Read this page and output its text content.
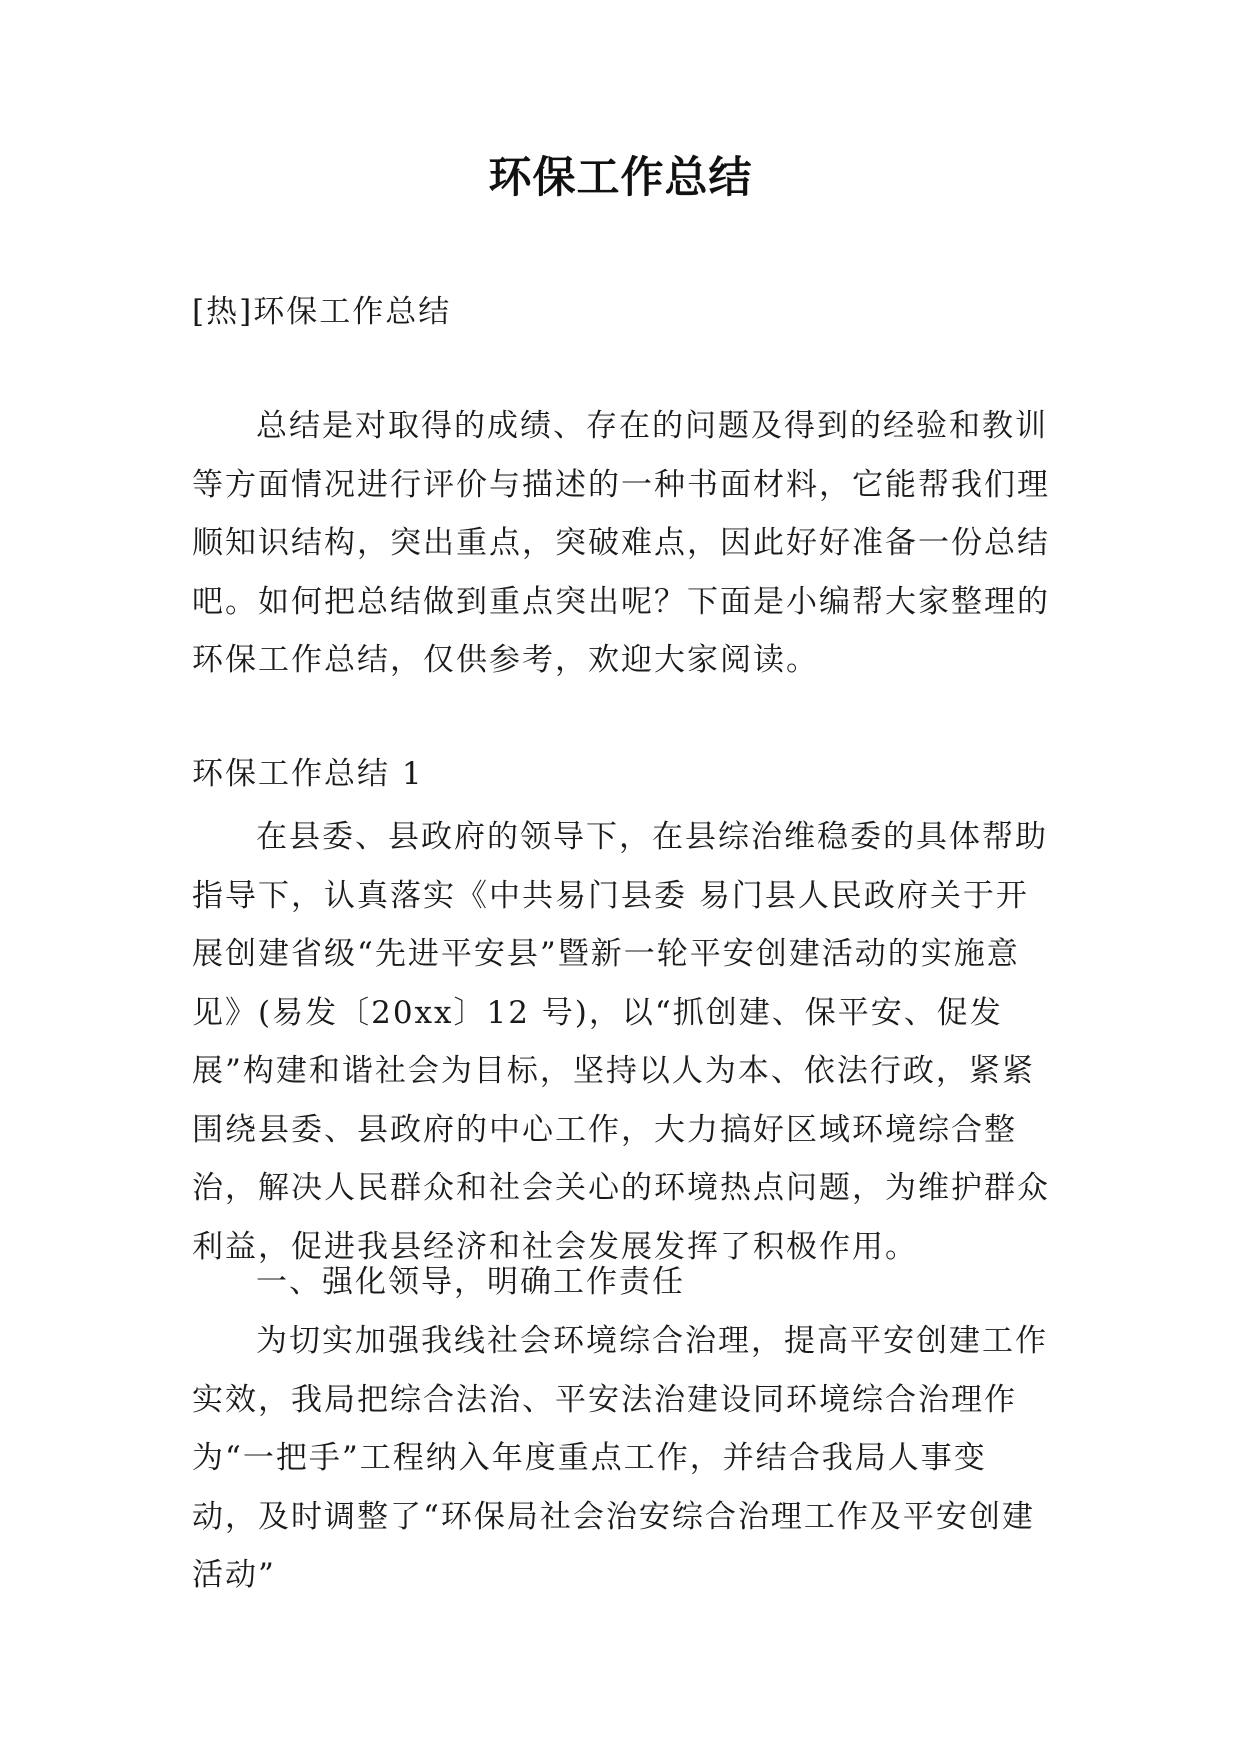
环保工作总结

[热]环保工作总结

总结是对取得的成绩、存在的问题及得到的经验和教训等方面情况进行评价与描述的一种书面材料，它能帮我们理顺知识结构，突出重点，突破难点，因此好好准备一份总结吧。如何把总结做到重点突出呢？下面是小编帮大家整理的环保工作总结，仅供参考，欢迎大家阅读。

环保工作总结 1

在县委、县政府的领导下，在县综治维稳委的具体帮助指导下，认真落实《中共易门县委 易门县人民政府关于开展创建省级“先进平安县”暨新一轮平安创建活动的实施意见》(易发〔20xx〕12 号)，以“抓创建、保平安、促发展”构建和谐社会为目标，坚持以人为本、依法行政，紧紧围绕县委、县政府的中心工作，大力搞好区域环境综合整治，解决人民群众和社会关心的环境热点问题，为维护群众利益，促进我县经济和社会发展发挥了积极作用。

一、强化领导，明确工作责任

为切实加强我线社会环境综合治理，提高平安创建工作实效，我局把综合法治、平安法治建设同环境综合治理作为“一把手”工程纳入年度重点工作，并结合我局人事变动，及时调整了“环保局社会治安综合治理工作及平安创建活动”
